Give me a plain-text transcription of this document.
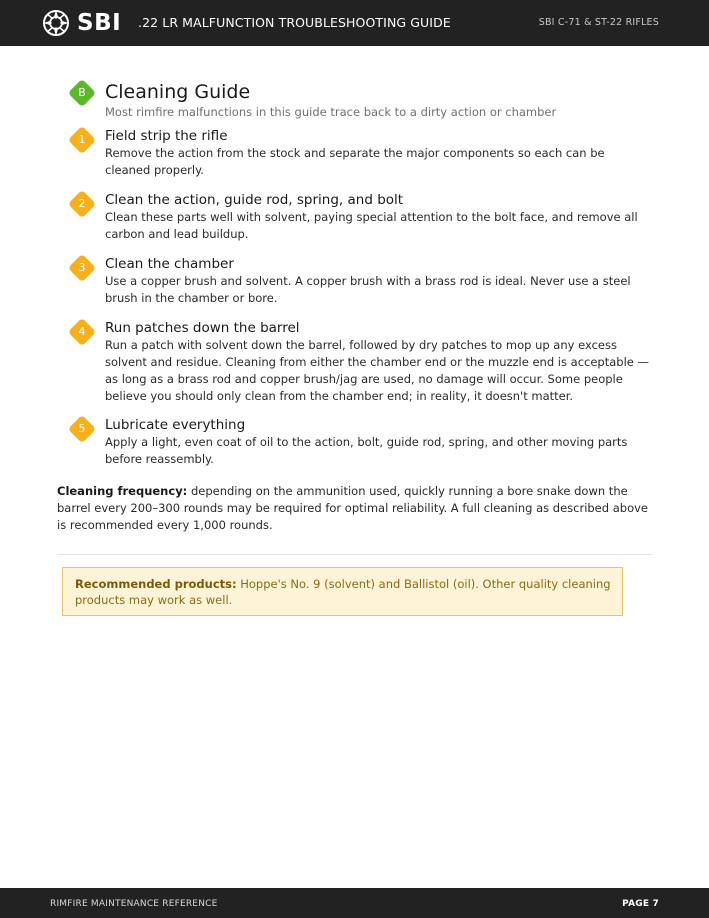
SBI .22 LR MALFUNCTION TROUBLESHOOTING GUIDE	SBI C-71 & ST-22 RIFLES
B	Cleaning Guide
Most rimfire malfunctions in this guide trace back to a dirty action or chamber
1	Field strip the rifle
Remove the action from the stock and separate the major components so each can be cleaned properly.
2	Clean the action, guide rod, spring, and bolt
Clean these parts well with solvent, paying special attention to the bolt face, and remove all carbon and lead buildup.
3	Clean the chamber
Use a copper brush and solvent. A copper brush with a brass rod is ideal. Never use a steel brush in the chamber or bore.
4	Run patches down the barrel
Run a patch with solvent down the barrel, followed by dry patches to mop up any excess solvent and residue. Cleaning from either the chamber end or the muzzle end is acceptable — as long as a brass rod and copper brush/jag are used, no damage will occur. Some people believe you should only clean from the chamber end; in reality, it doesn't matter.
5	Lubricate everything
Apply a light, even coat of oil to the action, bolt, guide rod, spring, and other moving parts before reassembly.
Cleaning frequency: depending on the ammunition used, quickly running a bore snake down the barrel every 200–300 rounds may be required for optimal reliability. A full cleaning as described above is recommended every 1,000 rounds.
Recommended products: Hoppe's No. 9 (solvent) and Ballistol (oil). Other quality cleaning products may work as well.
RIMFIRE MAINTENANCE REFERENCE	PAGE 7
